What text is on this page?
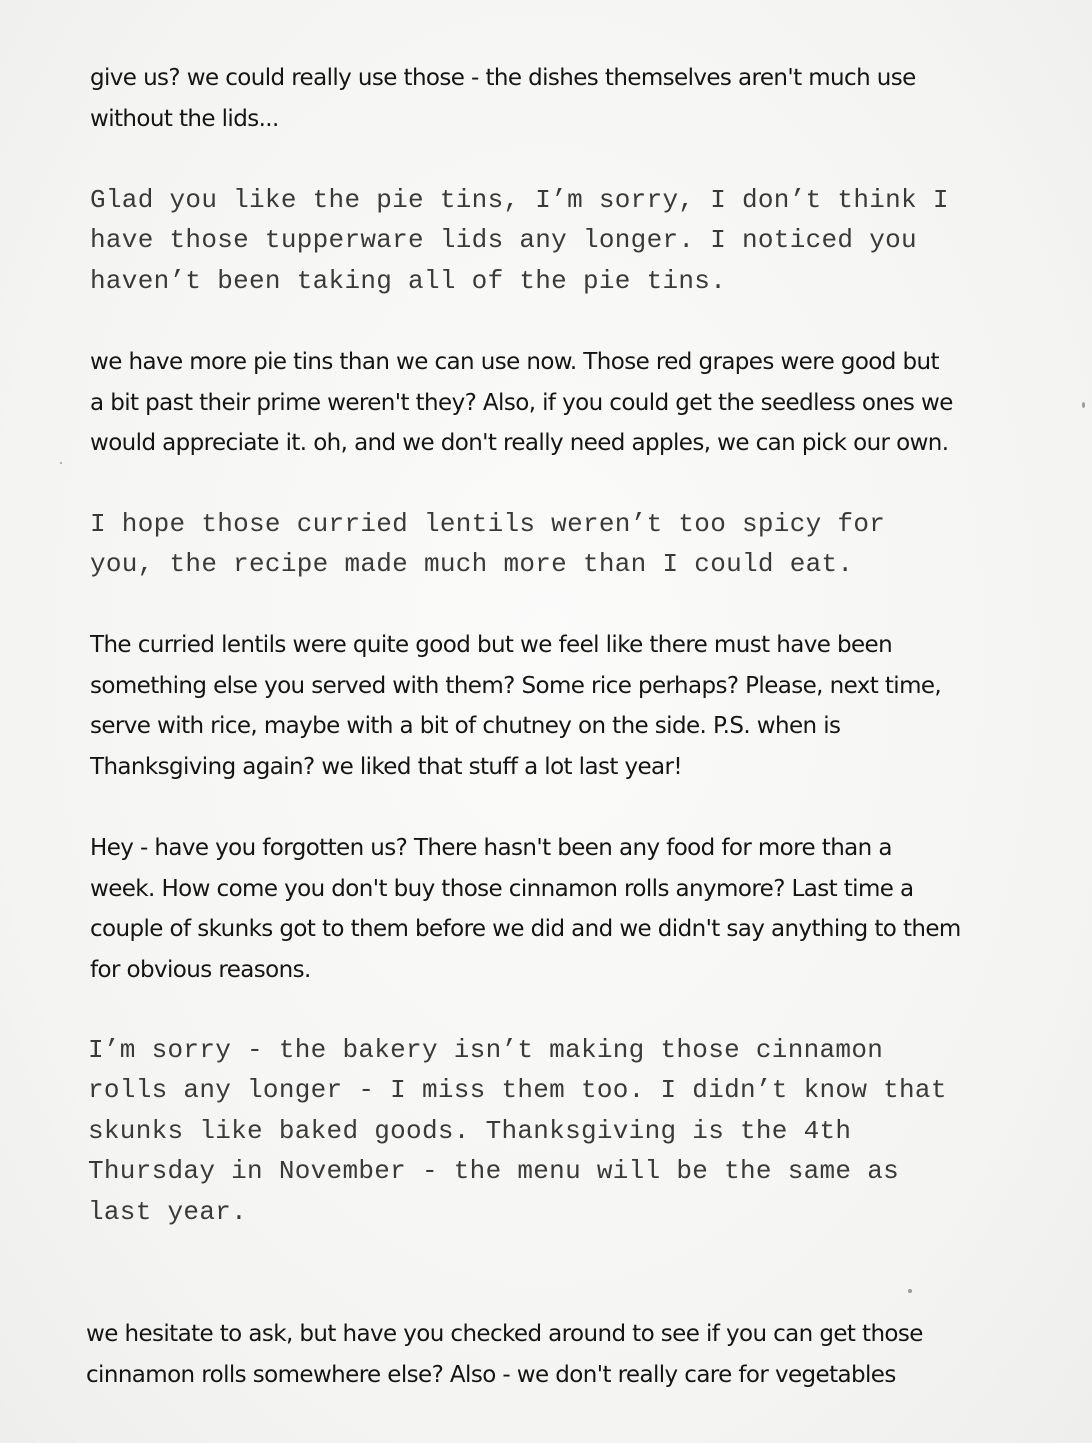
give us? we could really use those - the dishes themselves aren't much use
without the lids...
Glad you like the pie tins, I’m sorry, I don’t think I
have those tupperware lids any longer. I noticed you
haven’t been taking all of the pie tins.
we have more pie tins than we can use now. Those red grapes were good but
a bit past their prime weren't they? Also, if you could get the seedless ones we
would appreciate it. oh, and we don't really need apples, we can pick our own.
I hope those curried lentils weren’t too spicy for
you, the recipe made much more than I could eat.
The curried lentils were quite good but we feel like there must have been
something else you served with them? Some rice perhaps? Please, next time,
serve with rice, maybe with a bit of chutney on the side. P.S. when is
Thanksgiving again? we liked that stuff a lot last year!
Hey - have you forgotten us? There hasn't been any food for more than a
week. How come you don't buy those cinnamon rolls anymore? Last time a
couple of skunks got to them before we did and we didn't say anything to them
for obvious reasons.
I’m sorry - the bakery isn’t making those cinnamon
rolls any longer - I miss them too. I didn’t know that
skunks like baked goods. Thanksgiving is the 4th
Thursday in November - the menu will be the same as
last year.
we hesitate to ask, but have you checked around to see if you can get those
cinnamon rolls somewhere else? Also - we don't really care for vegetables
